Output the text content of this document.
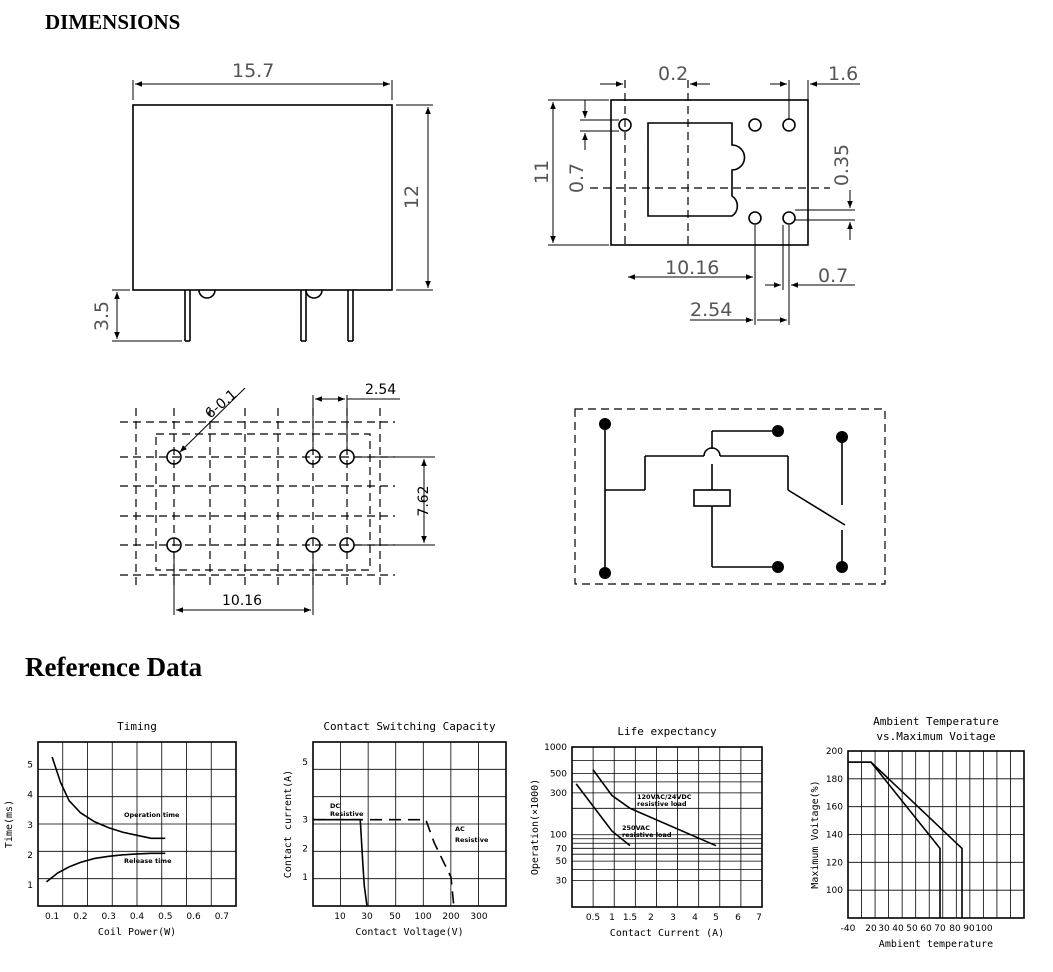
DIMENSIONS
Reference Data
15.7
12
3.5
0.2	1.6
11 0.7	0.35
10.16	0.7
2.54
6-0.1	2.54
7.62
10.16
Timing
0.1 0.2 0.3 0.4 0.5 0.6 0.7
1
2
3
4
5
Coil Power(W)
Time(ms)	Operation time
Release time
Contact Switching Capacity
10 30 50 100 200 300
1
2
3
5
Contact Voltage(V)
Contact current(A)	DC
Resistive
AC
Resistive
Life expectancy
0.5 1 1.5 2 3 4 5 6 7
30
50
70
100
300
500
1000
Contact Current (A)
Operation(×1000)	120VAC/24VDC
resistive load
250VAC
resistive load
Ambient Temperature
vs.Maximum Voitage
-40 20 30 40 50 60 70 80 90 100
100
120
140
160
180
200
Ambient temperature
Maximum Voitage(%)
